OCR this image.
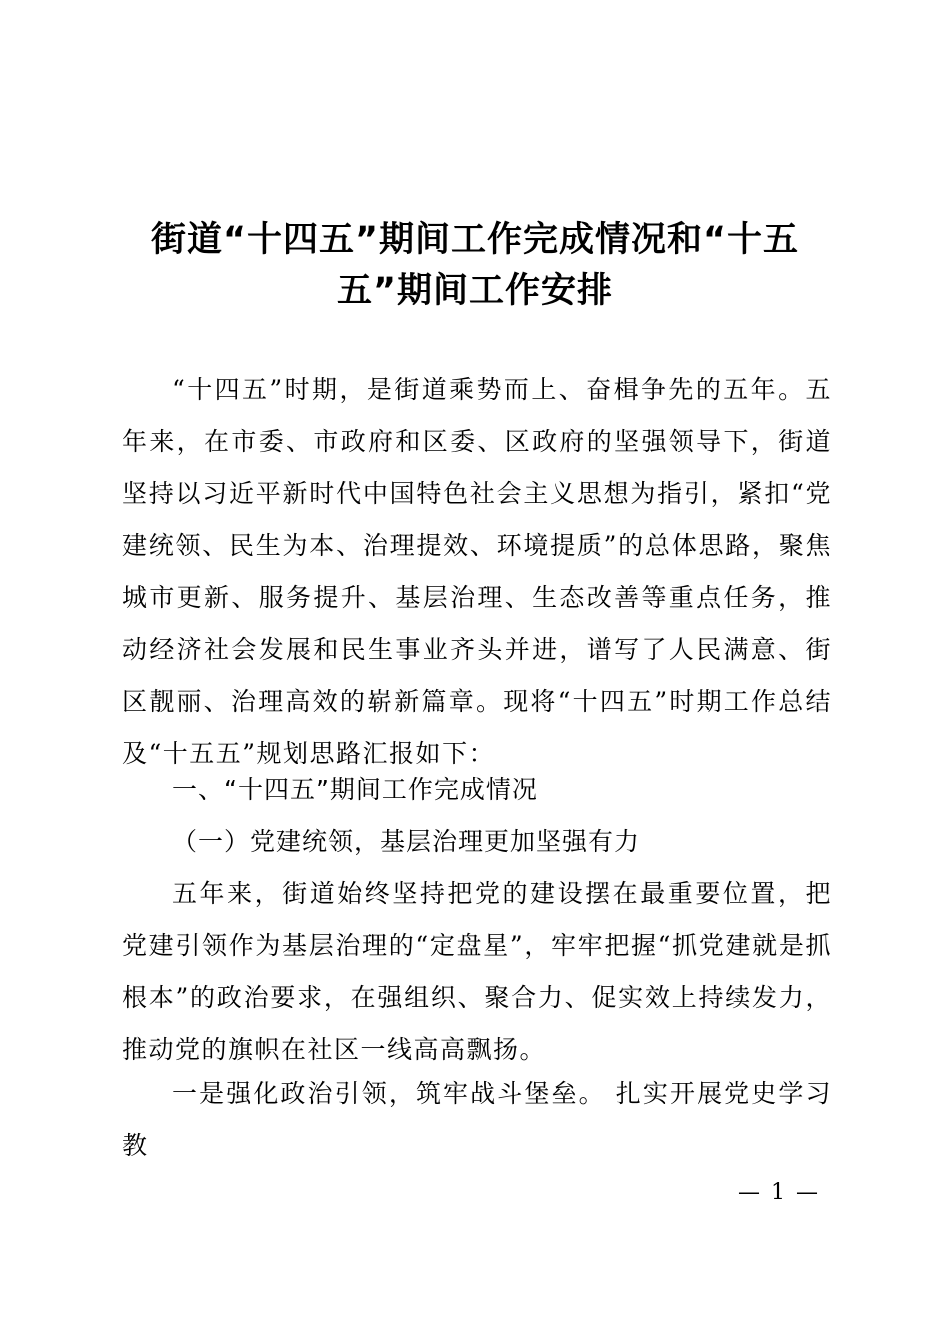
街道“十四五”期间工作完成情况和“十五
五”期间工作安排
“十四五”时期，是街道乘势而上、奋楫争先的五年。五年来，在市委、市政府和区委、区政府的坚强领导下，街道坚持以习近平新时代中国特色社会主义思想为指引，紧扣“党建统领、民生为本、治理提效、环境提质”的总体思路，聚焦城市更新、服务提升、基层治理、生态改善等重点任务，推动经济社会发展和民生事业齐头并进，谱写了人民满意、街区靓丽、治理高效的崭新篇章。现将“十四五”时期工作总结及“十五五”规划思路汇报如下：
一、“十四五”期间工作完成情况
（一）党建统领，基层治理更加坚强有力
五年来，街道始终坚持把党的建设摆在最重要位置，把党建引领作为基层治理的“定盘星”，牢牢把握“抓党建就是抓根本”的政治要求，在强组织、聚合力、促实效上持续发力，推动党的旗帜在社区一线高高飘扬。
一是强化政治引领，筑牢战斗堡垒。 扎实开展党史学习教
— 1 —
